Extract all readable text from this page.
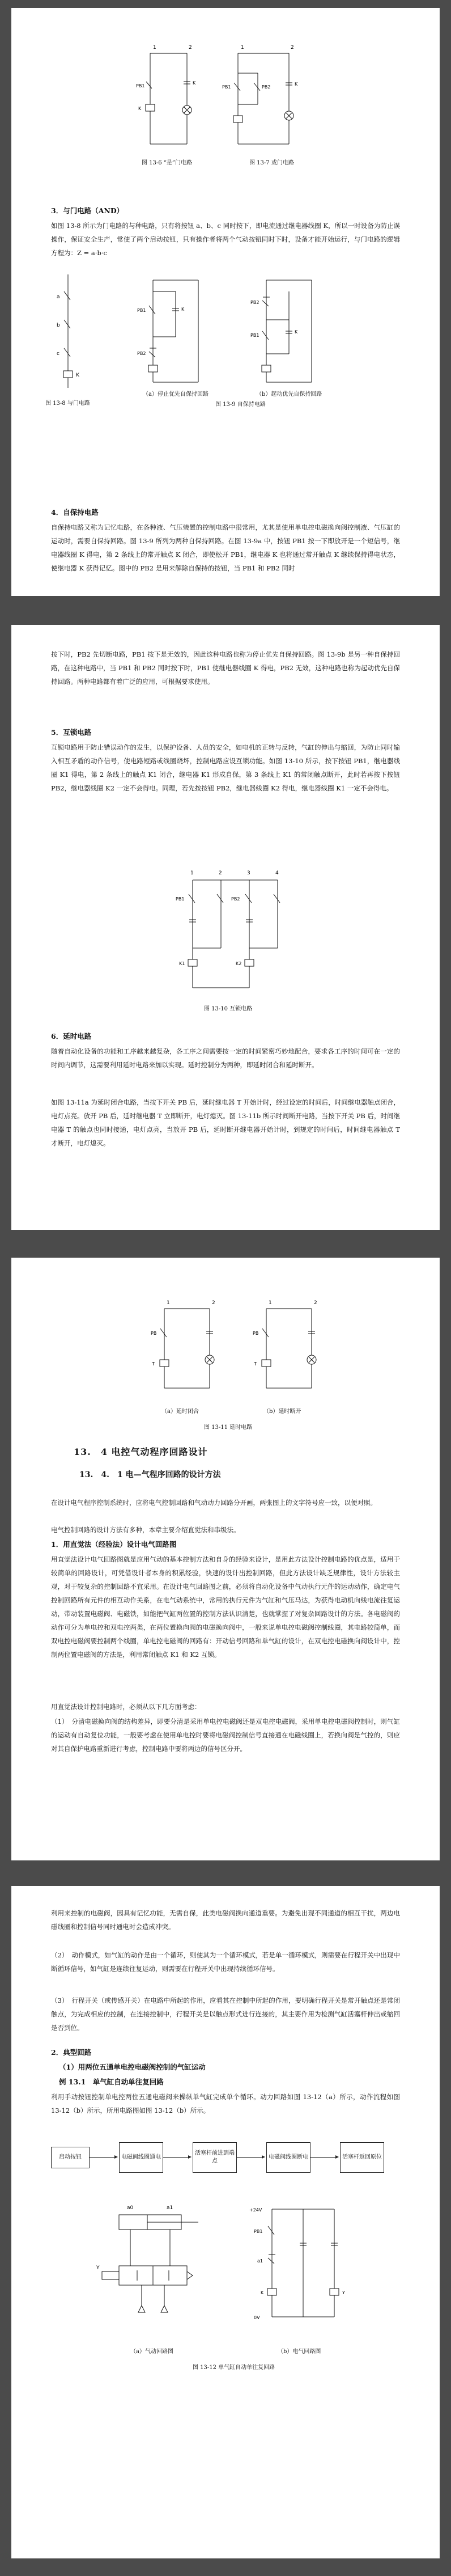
1	2
PB1
K
K
图 13-6 “是”门电路
1	2
PB1	PB2
K
图 13-7 或门电路
3．与门电路（AND）

如图 13-8 所示为门电路的与种电路，只有将按钮 a、b、c 同时按下，即电流通过继电器线圈 K，所以一时设备为防止误操作，保证安全生产，常使了两个启动按钮，只有操作者将两个气动按钮同时下时，设备才能开始运行，与门电路的逻辑方程为：Z = a·b·c

a
b
c
K
图 13-8 与门电路
PB1
PB2
K
（a）停止优先自保持回路
PB2
PB1
K
（b）起动优先自保持回路
图 13-9 自保持电路
4．自保持电路

自保持电路又称为记忆电路，在各种液、气压装置的控制电路中很常用，尤其是使用单电控电磁换向阀控制液、气压缸的运动时，需要自保持回路。图 13-9 所列为两种自保持回路。在图 13-9a 中，按钮 PB1 按一下即放开是一个短信号，继电器线圈 K 得电，第 2 条线上的常开触点 K 闭合，即使松开 PB1，继电器 K 也将通过常开触点 K 继续保持得电状态，使继电器 K 获得记忆。图中的 PB2 是用来解除自保持的按钮，当 PB1 和 PB2 同时

按下时，PB2 先切断电路，PB1 按下是无效的，因此这种电路也称为停止优先自保持回路。图 13-9b 是另一种自保持回路，在这种电路中，当 PB1 和 PB2 同时按下时，PB1 使继电器线圈 K 得电，PB2 无效，这种电路也称为起动优先自保持回路。两种电路都有着广泛的应用，可根据要求使用。

5．互锁电路

互锁电路用于防止错误动作的发生，以保护设备、人员的安全，如电机的正转与反转，气缸的伸出与缩回，为防止同时输入相互矛盾的动作信号，使电路短路或线圈烧坏，控制电路应设互锁功能。如图 13-10 所示，按下按钮 PB1，继电器线圈 K1 得电，第 2 条线上的触点 K1 闭合，继电器 K1 形成自保，第 3 条线上 K1 的常闭触点断开，此时若再按下按钮 PB2，继电器线圈 K2 一定不会得电。同理，若先按按钮 PB2，继电器线圈 K2 得电，继电器线圈 K1 一定不会得电。

1	2	3	4
PB1	PB2
K1	K2
图 13-10 互锁电路
6．延时电路

随着自动化设备的功能和工序越来越复杂，各工序之间需要按一定的时间紧密巧妙地配合，要求各工序的时间可在一定的时间内调节，这需要利用延时电路来加以实现。延时控制分为两种，即延时闭合和延时断开。

如图 13-11a 为延时闭合电路，当按下开关 PB 后，延时继电器 T 开始计时，经过设定的时间后，时间继电器触点闭合，电灯点亮。放开 PB 后，延时继电器 T 立即断开，电灯熄灭。图 13-11b 所示时间断开电路，当按下开关 PB 后，时间继电器 T 的触点也同时接通，电灯点亮，当放开 PB 后，延时断开继电器开始计时，到规定的时间后，时间继电器触点 T 才断开，电灯熄灭。

1	2
PB
T
（a）延时闭合
1	2
PB
T
（b）延时断开
图 13-11 延时电路
13.　4 电控气动程序回路设计
13.　4.　1 电—气程序回路的设计方法

在设计电气程序控制系统时，应将电气控制回路和气动动力回路分开画，两张图上的文字符号应一致，以便对照。

电气控制回路的设计方法有多种，本章主要介绍直觉法和串级法。

1．用直觉法（经验法）设计电气回路图

用直觉法设计电气回路图就是应用气动的基本控制方法和自身的经验来设计，是用此方法设计控制电路的优点是，适用于较简单的回路设计，可凭借设计者本身的积累经验，快速的设计出控制回路，但此方法设计缺乏规律性，设计方法较主观，对于较复杂的控制回路不宜采用。在设计电气回路图之前，必须将自动化设备中气动执行元件的运动动作，确定电气控制回路所有元件的相互动作关系，在电气动系统中，常用的执行元件为气缸和气压马达，为获得电动机向线电流往复运动，带动装置电磁阀、电磁铁，如能把气缸两位置的控制方法认识清楚，也就掌握了对复杂回路设计的方法。各电磁阀的动作可分为单电控和双电控两类，在两位置换向阀的电磁换向阀中，一般来说单电控电磁阀控制线圈，其电路较简单，而双电控电磁阀要控制两个线圈，单电控电磁阀的回路有：开动信号回路和单气缸的设计，在双电控电磁换向阀设计中，控制两位置电磁阀的方法是，利用常闭触点 K1 和 K2 互锁。

用直觉法设计控制电路时，必须从以下几方面考虑：

（1）　分清电磁换向阀的结构差异，即要分清是采用单电控电磁阀还是双电控电磁阀，采用单电控电磁阀控制时，则气缸的运动有自动复位功能，一般要考虑在使用单电控时要将电磁阀控制信号直接通在电磁线圈上，若换向阀是气控的，则应对其自保护电路重新进行考虑，控制电路中要将两边的信号区分开。

利用来控制的电磁阀，因具有记忆功能，无需自保，此类电磁阀换向通道重要。为避免出现不同通道的相互干扰，两边电磁线圈和控制信号同时通电时会造成冲突。

（2）　动作模式，如气缸的动作是由一个循环，则使其为一个循环模式，若是单一循环模式，则需要在行程开关中出现中断循环信号，如气缸是连续往复运动，则需要在行程开关中出现持续循环信号。

（3）　行程开关（或传感开关）在电路中所起的作用，应看其在控制中所起的作用，要明确行程开关是常开触点还是常闭触点，为完成相应的控制，在连接控制中，行程开关是以触点形式进行连接的，其主要作用为检测气缸活塞杆伸出或缩回是否到位。

2．典型回路
（1）用两位五通单电控电磁阀控制的气缸运动
例 13.1　单气缸自动单往复回路

利用手动按钮控制单电控两位五通电磁阀来操纵单气缸完成单个循环。动力回路如图 13-12（a）所示，动作流程如图 13-12（b）所示，所用电路图如图 13-12（b）所示。

启动按钮	电磁阀线圈通电
活塞杆前进到端点
电磁阀线圈断电	活塞杆返回原位
a0	a1
Y
（a）气动回路图
+24V
0V
PB1
a1
K	Y
（b）电气回路图
图 13-12 单气缸自动单往复回路
